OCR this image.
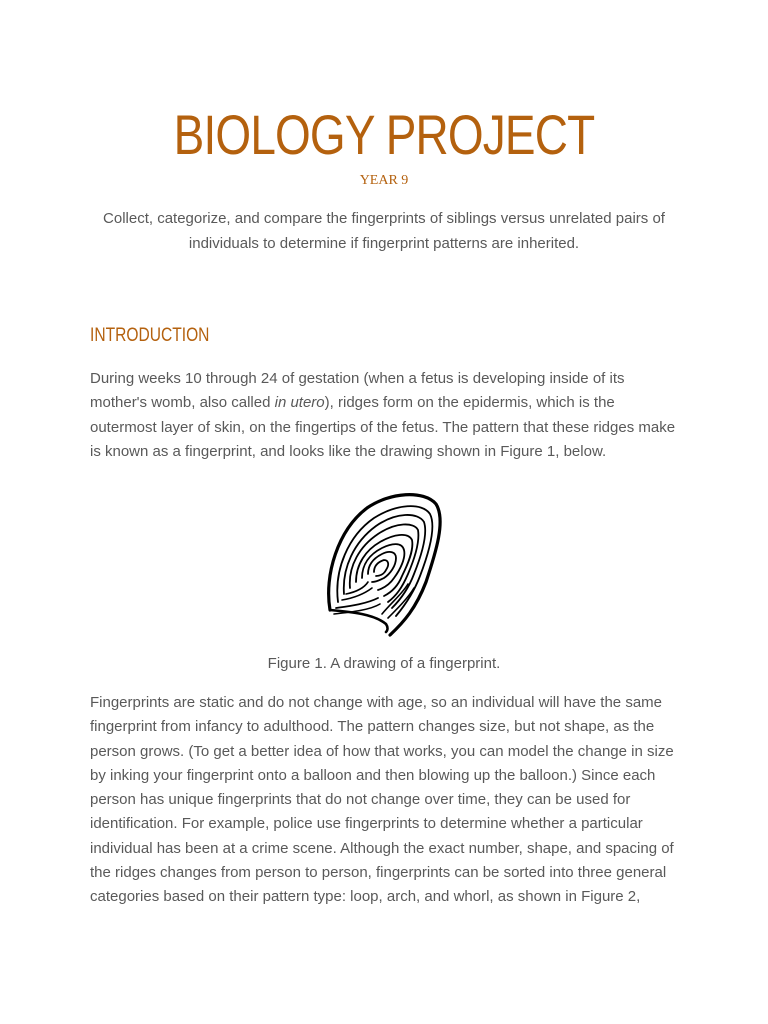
BIOLOGY PROJECT
YEAR 9

Collect, categorize, and compare the fingerprints of siblings versus unrelated pairs of individuals to determine if fingerprint patterns are inherited.

INTRODUCTION

During weeks 10 through 24 of gestation (when a fetus is developing inside of its mother's womb, also called in utero), ridges form on the epidermis, which is the outermost layer of skin, on the fingertips of the fetus. The pattern that these ridges make is known as a fingerprint, and looks like the drawing shown in Figure 1, below.

Figure 1. A drawing of a fingerprint.

Fingerprints are static and do not change with age, so an individual will have the same fingerprint from infancy to adulthood. The pattern changes size, but not shape, as the person grows. (To get a better idea of how that works, you can model the change in size by inking your fingerprint onto a balloon and then blowing up the balloon.) Since each person has unique fingerprints that do not change over time, they can be used for identification. For example, police use fingerprints to determine whether a particular individual has been at a crime scene. Although the exact number, shape, and spacing of the ridges changes from person to person, fingerprints can be sorted into three general categories based on their pattern type: loop, arch, and whorl, as shown in Figure 2,
